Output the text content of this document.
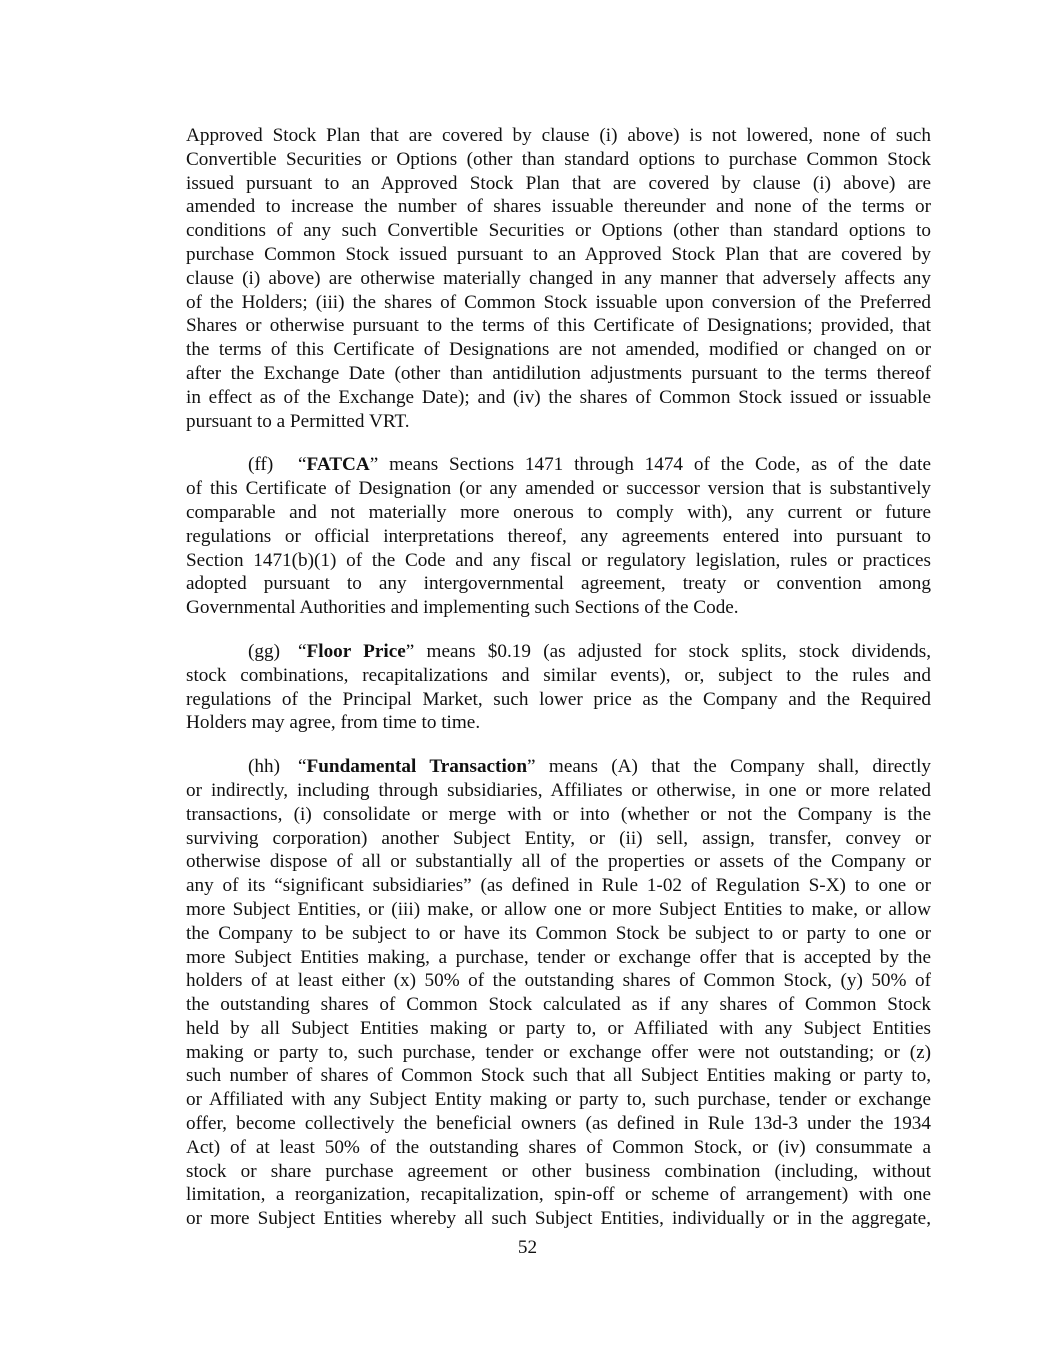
Approved Stock Plan that are covered by clause (i) above) is not lowered, none of such
Convertible Securities or Options (other than standard options to purchase Common Stock
issued pursuant to an Approved Stock Plan that are covered by clause (i) above) are
amended to increase the number of shares issuable thereunder and none of the terms or
conditions of any such Convertible Securities or Options (other than standard options to
purchase Common Stock issued pursuant to an Approved Stock Plan that are covered by
clause (i) above) are otherwise materially changed in any manner that adversely affects any
of the Holders; (iii) the shares of Common Stock issuable upon conversion of the Preferred
Shares or otherwise pursuant to the terms of this Certificate of Designations; provided, that
the terms of this Certificate of Designations are not amended, modified or changed on or
after the Exchange Date (other than antidilution adjustments pursuant to the terms thereof
in effect as of the Exchange Date); and (iv) the shares of Common Stock issued or issuable
pursuant to a Permitted VRT.
(ff) “FATCA” means Sections 1471 through 1474 of the Code, as of the date
of this Certificate of Designation (or any amended or successor version that is substantively
comparable and not materially more onerous to comply with), any current or future
regulations or official interpretations thereof, any agreements entered into pursuant to
Section 1471(b)(1) of the Code and any fiscal or regulatory legislation, rules or practices
adopted pursuant to any intergovernmental agreement, treaty or convention among
Governmental Authorities and implementing such Sections of the Code.
(gg) “Floor Price” means $0.19 (as adjusted for stock splits, stock dividends,
stock combinations, recapitalizations and similar events), or, subject to the rules and
regulations of the Principal Market, such lower price as the Company and the Required
Holders may agree, from time to time.
(hh) “Fundamental Transaction” means (A) that the Company shall, directly
or indirectly, including through subsidiaries, Affiliates or otherwise, in one or more related
transactions, (i) consolidate or merge with or into (whether or not the Company is the
surviving corporation) another Subject Entity, or (ii) sell, assign, transfer, convey or
otherwise dispose of all or substantially all of the properties or assets of the Company or
any of its “significant subsidiaries” (as defined in Rule 1-02 of Regulation S-X) to one or
more Subject Entities, or (iii) make, or allow one or more Subject Entities to make, or allow
the Company to be subject to or have its Common Stock be subject to or party to one or
more Subject Entities making, a purchase, tender or exchange offer that is accepted by the
holders of at least either (x) 50% of the outstanding shares of Common Stock, (y) 50% of
the outstanding shares of Common Stock calculated as if any shares of Common Stock
held by all Subject Entities making or party to, or Affiliated with any Subject Entities
making or party to, such purchase, tender or exchange offer were not outstanding; or (z)
such number of shares of Common Stock such that all Subject Entities making or party to,
or Affiliated with any Subject Entity making or party to, such purchase, tender or exchange
offer, become collectively the beneficial owners (as defined in Rule 13d-3 under the 1934
Act) of at least 50% of the outstanding shares of Common Stock, or (iv) consummate a
stock or share purchase agreement or other business combination (including, without
limitation, a reorganization, recapitalization, spin-off or scheme of arrangement) with one
or more Subject Entities whereby all such Subject Entities, individually or in the aggregate,
52
